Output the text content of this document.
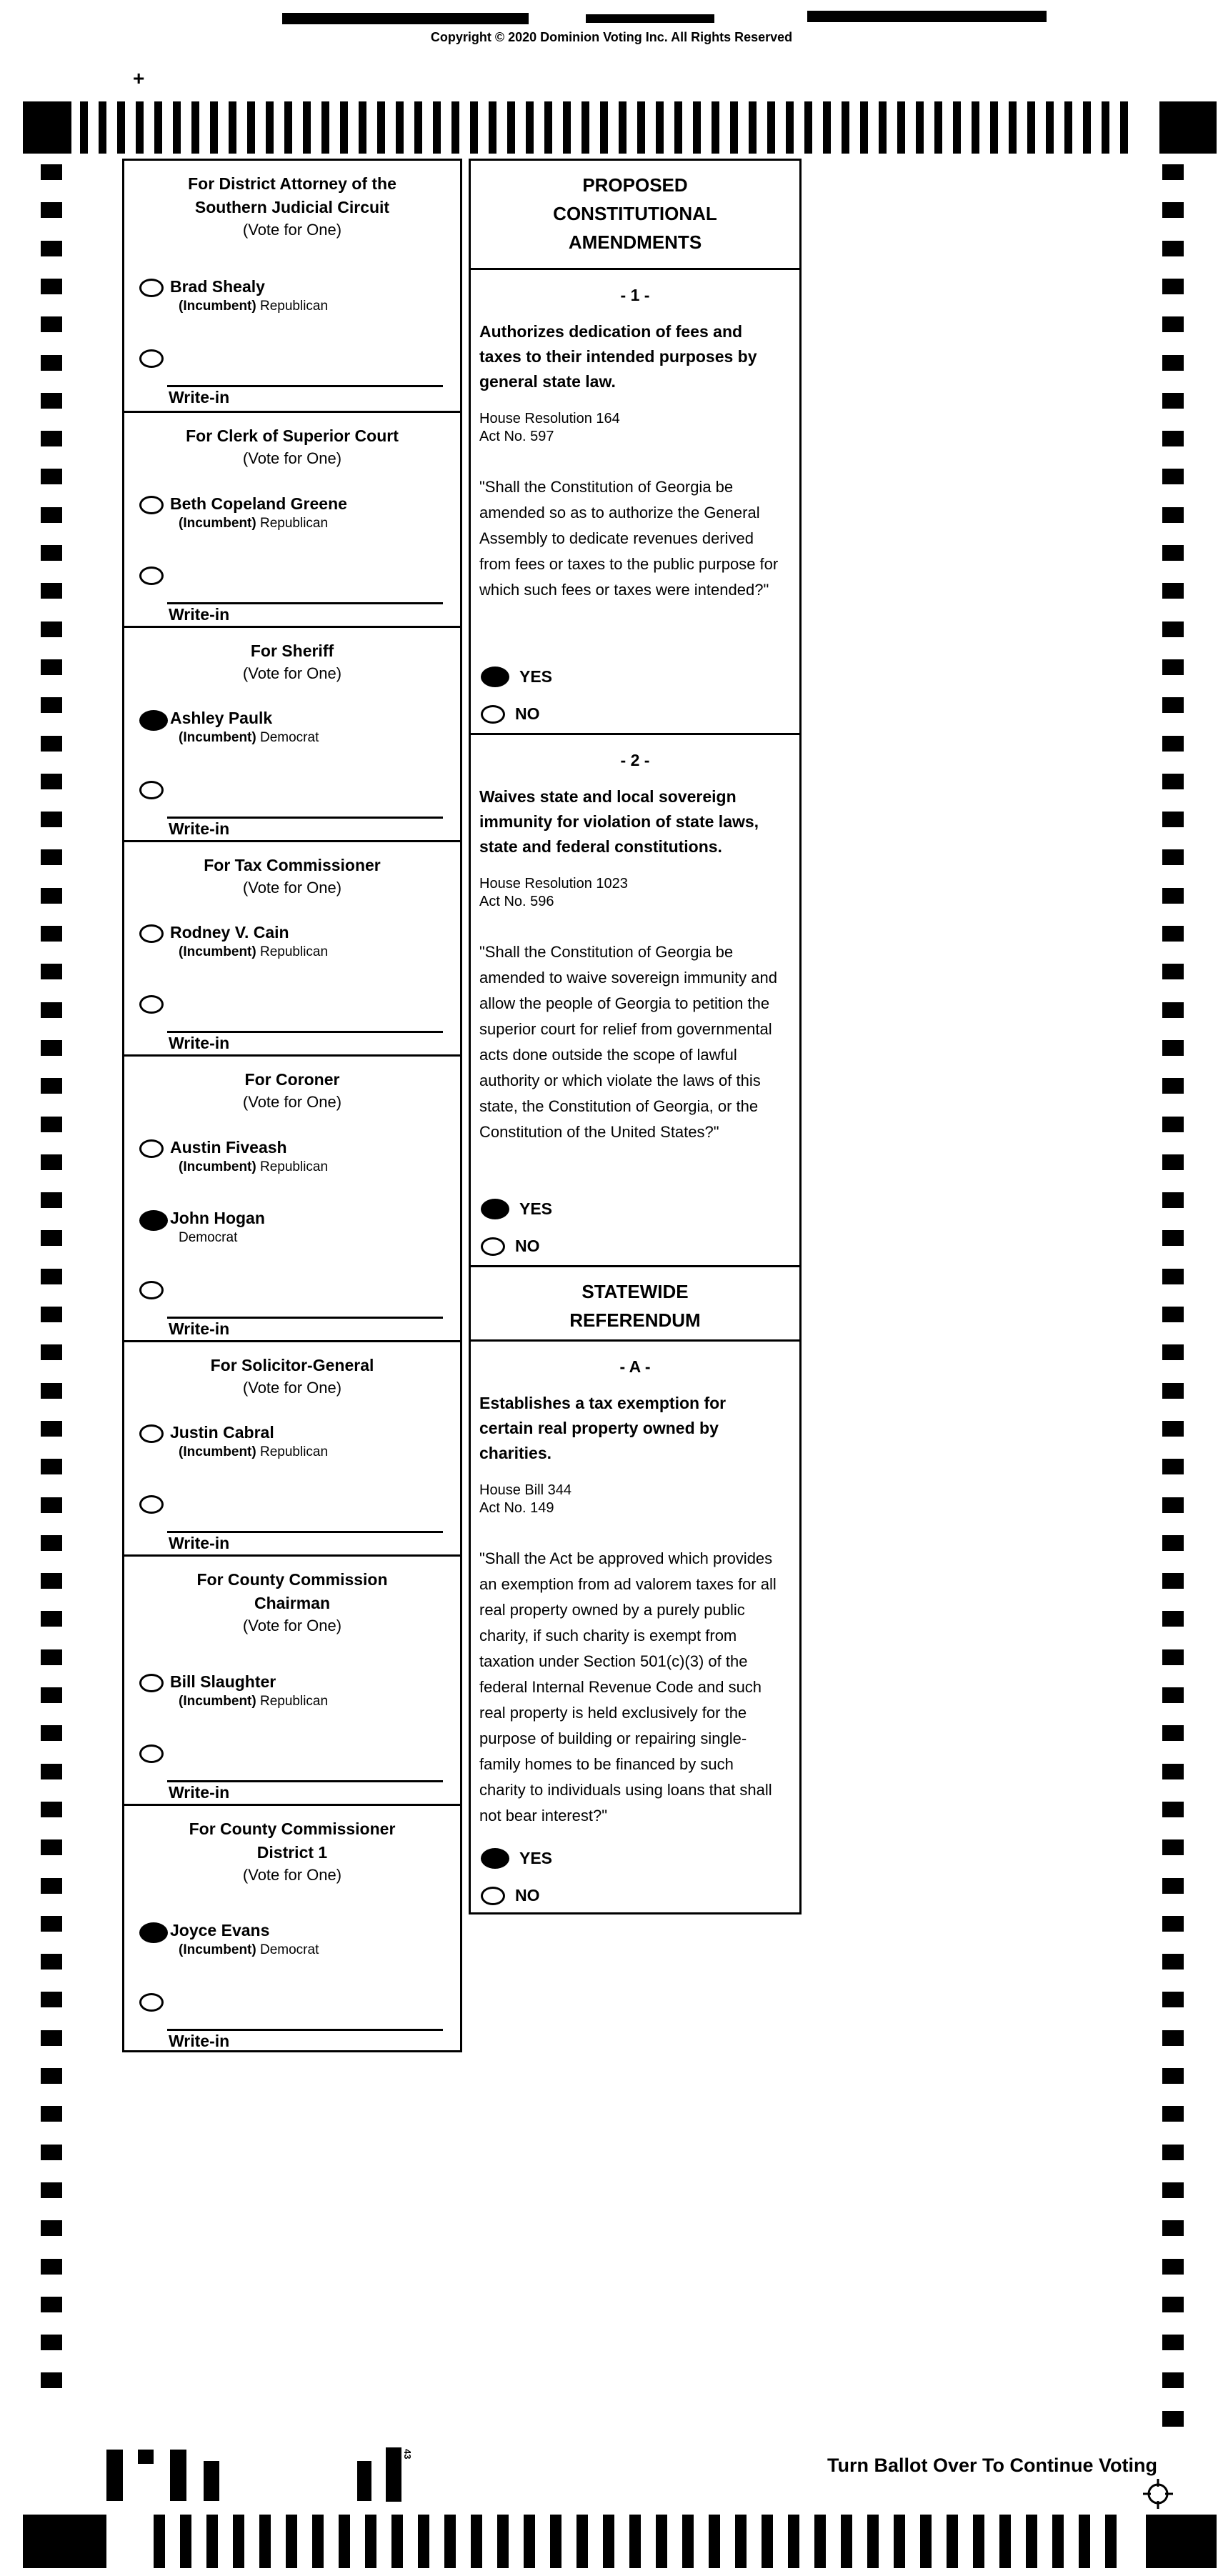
Copyright © 2020 Dominion Voting Inc. All Rights Reserved
+
For District Attorney of the Southern Judicial Circuit
(Vote for One)
Brad Shealy
(Incumbent) Republican
Write-in
For Clerk of Superior Court
(Vote for One)
Beth Copeland Greene
(Incumbent) Republican
Write-in
For Sheriff
(Vote for One)
Ashley Paulk
(Incumbent) Democrat
Write-in
For Tax Commissioner
(Vote for One)
Rodney V. Cain
(Incumbent) Republican
Write-in
For Coroner
(Vote for One)
Austin Fiveash
(Incumbent) Republican
John Hogan
Democrat
Write-in
For Solicitor-General
(Vote for One)
Justin Cabral
(Incumbent) Republican
Write-in
For County Commission Chairman
(Vote for One)
Bill Slaughter
(Incumbent) Republican
Write-in
For County Commissioner District 1
(Vote for One)
Joyce Evans
(Incumbent) Democrat
Write-in
PROPOSED
CONSTITUTIONAL
AMENDMENTS
- 1 -
Authorizes dedication of fees and taxes to their intended purposes by general state law.
House Resolution 164
Act No. 597
"Shall the Constitution of Georgia be amended so as to authorize the General Assembly to dedicate revenues derived from fees or taxes to the public purpose for which such fees or taxes were intended?"
YES
NO
- 2 -
Waives state and local sovereign immunity for violation of state laws, state and federal constitutions.
House Resolution 1023
Act No. 596
"Shall the Constitution of Georgia be amended to waive sovereign immunity and allow the people of Georgia to petition the superior court for relief from governmental acts done outside the scope of lawful authority or which violate the laws of this state, the Constitution of Georgia, or the Constitution of the United States?"
YES
NO
STATEWIDE
REFERENDUM
- A -
Establishes a tax exemption for certain real property owned by charities.
House Bill 344
Act No. 149
"Shall the Act be approved which provides an exemption from ad valorem taxes for all real property owned by a purely public charity, if such charity is exempt from taxation under Section 501(c)(3) of the federal Internal Revenue Code and such real property is held exclusively for the purpose of building or repairing single-family homes to be financed by such charity to individuals using loans that shall not bear interest?"
YES
NO
43
Turn Ballot Over To Continue Voting
